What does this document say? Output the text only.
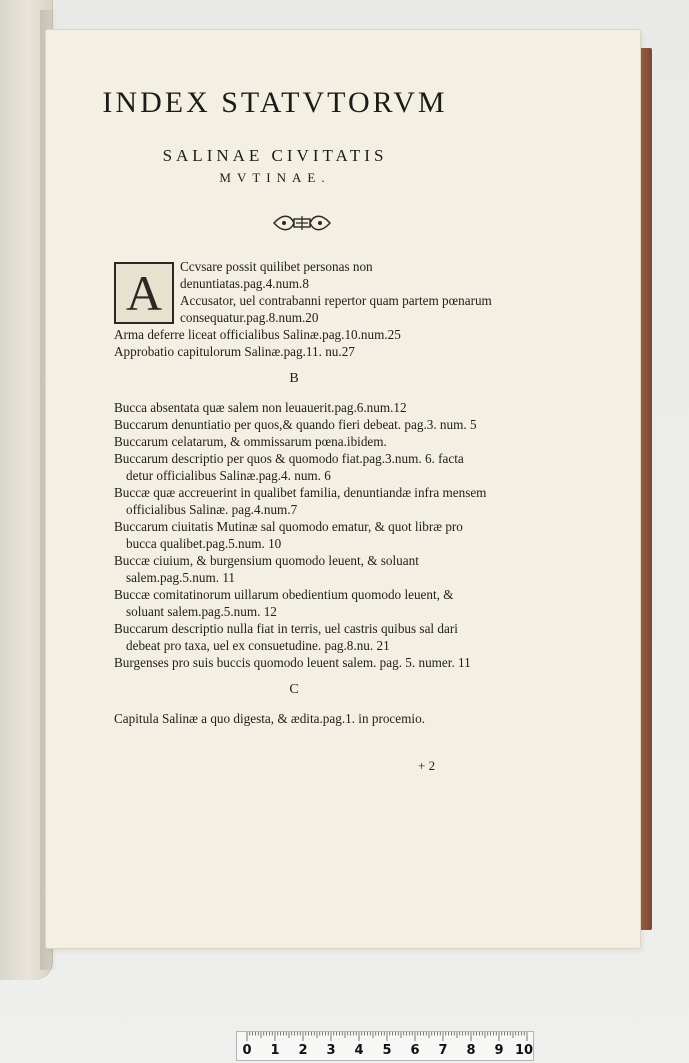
INDEX STATVTORVM
SALINAE CIVITATIS
MVTINAE.
A	Ccvsare possit quilibet personas non denuntiatas.pag.4.num.8

Accusator, uel contrabanni repertor quam partem pœnarum consequatur.pag.8.num.20

Arma deferre liceat officialibus Salinæ.pag.10.num.25

Approbatio capitulorum Salinæ.pag.11. nu.27

B

Bucca absentata quæ salem non leuauerit.pag.6.num.12

Buccarum denuntiatio per quos,& quando fieri debeat. pag.3. num. 5

Buccarum celatarum, & ommissarum pœna.ibidem.

Buccarum descriptio per quos & quomodo fiat.pag.3.num. 6. facta detur officialibus Salinæ.pag.4. num. 6

Buccæ quæ accreuerint in qualibet familia, denuntiandæ infra mensem officialibus Salinæ. pag.4.num.7

Buccarum ciuitatis Mutinæ sal quomodo ematur, & quot libræ pro bucca qualibet.pag.5.num. 10

Buccæ ciuium, & burgensium quomodo leuent, & soluant salem.pag.5.num. 11

Buccæ comitatinorum uillarum obedientium quomodo leuent, & soluant salem.pag.5.num. 12

Buccarum descriptio nulla fiat in terris, uel castris quibus sal dari debeat pro taxa, uel ex consuetudine. pag.8.nu. 21

Burgenses pro suis buccis quomodo leuent salem. pag. 5. numer. 11

C

Capitula Salinæ a quo digesta, & ædita.pag.1. in procemio.

+ 2
0 1 2 3 4 5 6 7 8 9 10
